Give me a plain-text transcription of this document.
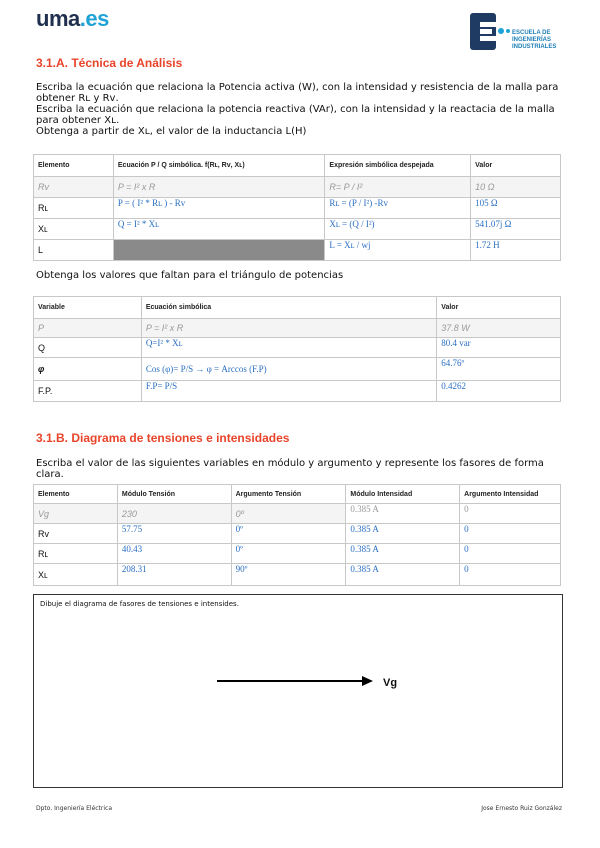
uma.es
ESCUELA DE
INGENIERÍAS
INDUSTRIALES
3.1.A. Técnica de Análisis
Escriba la ecuación que relaciona la Potencia activa (W), con la intensidad y resistencia de la malla para
obtener Rʟ y Rᴠ.
Escriba la ecuación que relaciona la potencia reactiva (VAr), con la intensidad y la reactacia de la malla
para obtener Xʟ.
Obtenga a partir de Xʟ, el valor de la inductancia L(H)
Elemento	Ecuación P / Q simbólica. f(Rʟ, Rᴠ, Xʟ)	Expresión simbólica despejada	Valor
Rᴠ	P = I² x R	R= P / I²	10 Ω
Rʟ	P = ( I² * Rʟ ) - Rᴠ	Rʟ = (P / I²) -Rᴠ	105 Ω
Xʟ	Q = I² * Xʟ	Xʟ = (Q / I²)	541.07j Ω
L		L = Xʟ / wj	1.72 H
Obtenga los valores que faltan para el triángulo de potencias
Variable	Ecuación simbólica	Valor
P	P = I² x R	37.8 W
Q	Q=I² * Xʟ	80.4 var
φ	Cos (φ)= P/S → φ = Arccos (F.P)	64.76º
F.P.	F.P= P/S	0.4262
3.1.B. Diagrama de tensiones e intensidades
Escriba el valor de las siguientes variables en módulo y argumento y represente los fasores de forma
clara.
Elemento	Módulo Tensión	Argumento Tensión	Módulo Intensidad	Argumento Intensidad
Vg	230	0º	0.385 A	0
Rᴠ	57.75	0º	0.385 A	0
Rʟ	40.43	0º	0.385 A	0
Xʟ	208.31	90º	0.385 A	0
Dibuje el diagrama de fasores de tensiones e intensides.
Vg
Dpto. Ingeniería Eléctrica	Jose Ernesto Ruiz González
